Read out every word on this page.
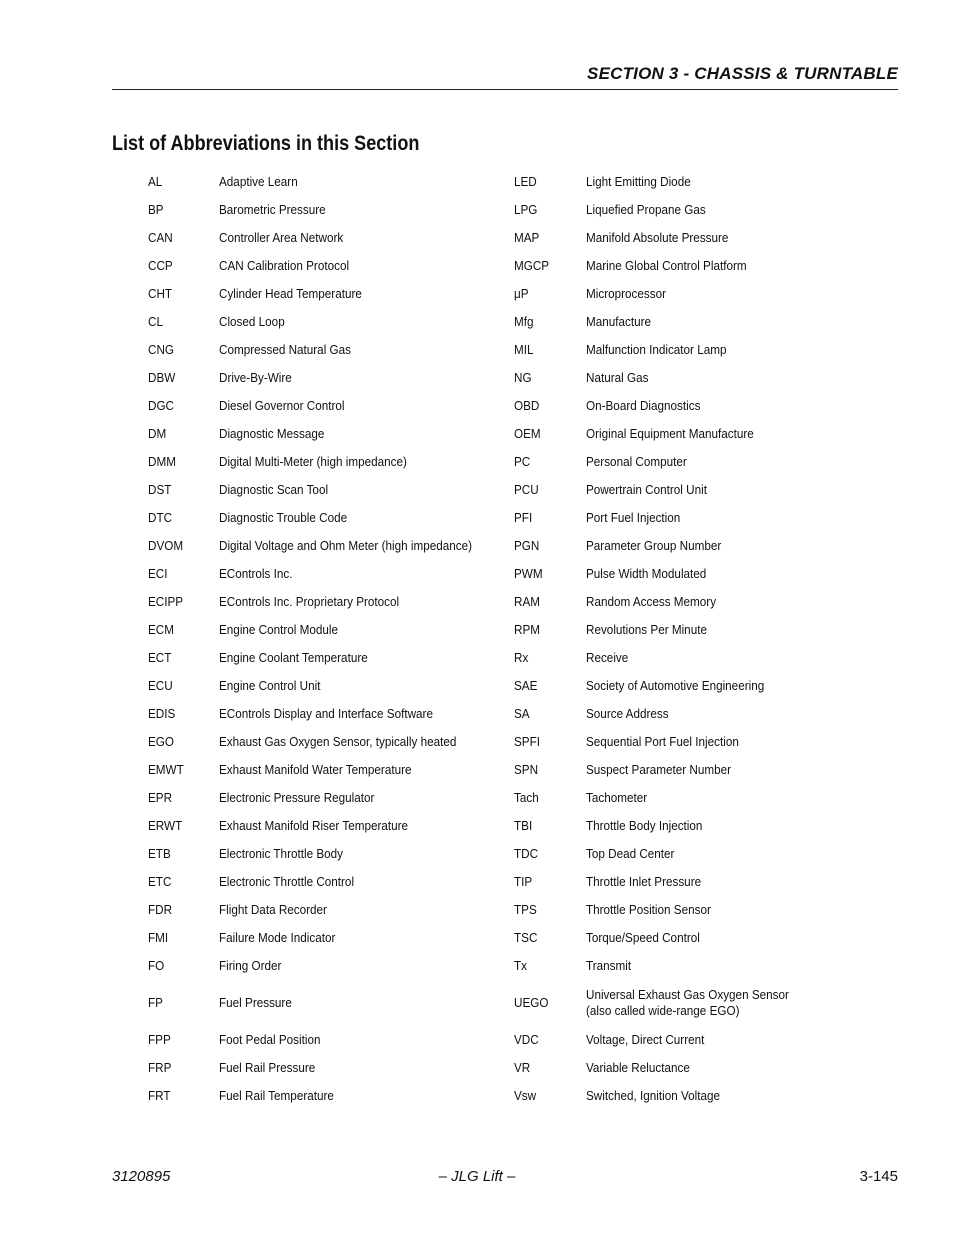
SECTION 3 - CHASSIS & TURNTABLE
List of Abbreviations in this Section
AL	Adaptive Learn	LED	Light Emitting Diode
BP	Barometric Pressure	LPG	Liquefied Propane Gas
CAN	Controller Area Network	MAP	Manifold Absolute Pressure
CCP	CAN Calibration Protocol	MGCP	Marine Global Control Platform
CHT	Cylinder Head Temperature	μP	Microprocessor
CL	Closed Loop	Mfg	Manufacture
CNG	Compressed Natural Gas	MIL	Malfunction Indicator Lamp
DBW	Drive-By-Wire	NG	Natural Gas
DGC	Diesel Governor Control	OBD	On-Board Diagnostics
DM	Diagnostic Message	OEM	Original Equipment Manufacture
DMM	Digital Multi-Meter (high impedance)	PC	Personal Computer
DST	Diagnostic Scan Tool	PCU	Powertrain Control Unit
DTC	Diagnostic Trouble Code	PFI	Port Fuel Injection
DVOM	Digital Voltage and Ohm Meter (high impedance)	PGN	Parameter Group Number
ECI	EControls Inc.	PWM	Pulse Width Modulated
ECIPP	EControls Inc. Proprietary Protocol	RAM	Random Access Memory
ECM	Engine Control Module	RPM	Revolutions Per Minute
ECT	Engine Coolant Temperature	Rx	Receive
ECU	Engine Control Unit	SAE	Society of Automotive Engineering
EDIS	EControls Display and Interface Software	SA	Source Address
EGO	Exhaust Gas Oxygen Sensor, typically heated	SPFI	Sequential Port Fuel Injection
EMWT	Exhaust Manifold Water Temperature	SPN	Suspect Parameter Number
EPR	Electronic Pressure Regulator	Tach	Tachometer
ERWT	Exhaust Manifold Riser Temperature	TBI	Throttle Body Injection
ETB	Electronic Throttle Body	TDC	Top Dead Center
ETC	Electronic Throttle Control	TIP	Throttle Inlet Pressure
FDR	Flight Data Recorder	TPS	Throttle Position Sensor
FMI	Failure Mode Indicator	TSC	Torque/Speed Control
FO	Firing Order	Tx	Transmit
FP	Fuel Pressure	UEGO	Universal Exhaust Gas Oxygen Sensor
(also called wide-range EGO)
FPP	Foot Pedal Position	VDC	Voltage, Direct Current
FRP	Fuel Rail Pressure	VR	Variable Reluctance
FRT	Fuel Rail Temperature	Vsw	Switched, Ignition Voltage
3120895	– JLG Lift –	3-145
